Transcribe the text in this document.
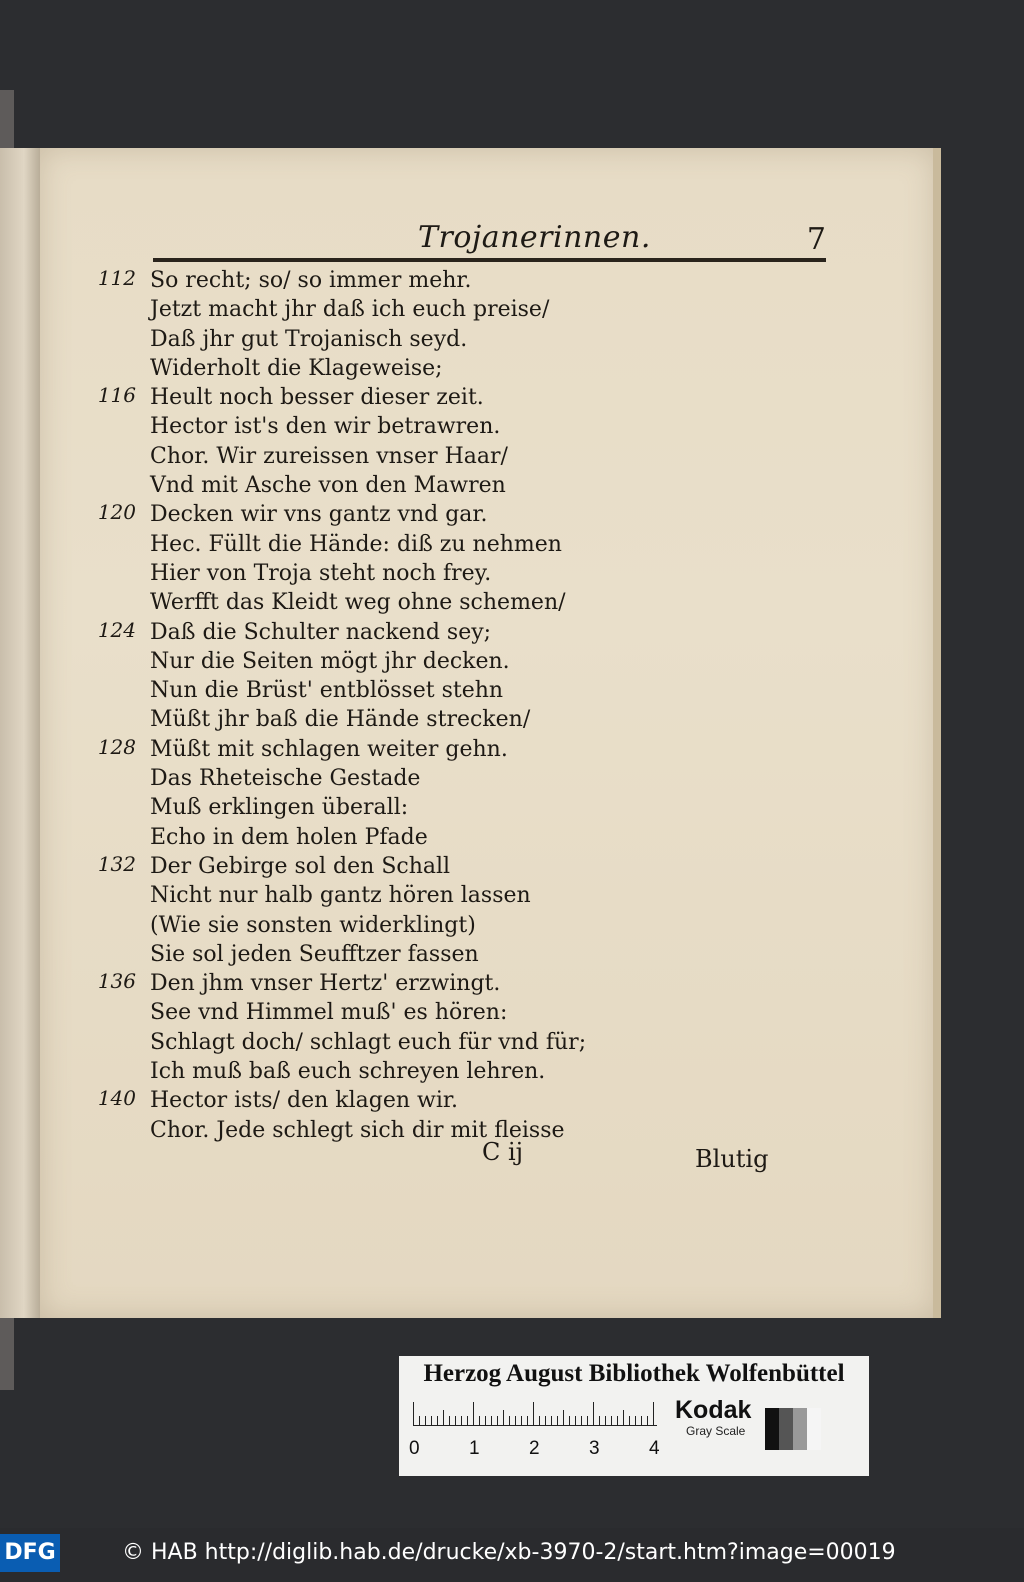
Trojanerinnen.	7
112 So recht; so/ so immer mehr.
Jetzt macht jhr daß ich euch preise/
Daß jhr gut Trojanisch seyd.
Widerholt die Klageweise;
116 Heult noch besser dieser zeit.
Hector ist's den wir betrawren.
Chor. Wir zureissen vnser Haar/
Vnd mit Asche von den Mawren
120 Decken wir vns gantz vnd gar.
Hec. Füllt die Hände: diß zu nehmen
Hier von Troja steht noch frey.
Werfft das Kleidt weg ohne schemen/
124 Daß die Schulter nackend sey;
Nur die Seiten mögt jhr decken.
Nun die Brüst' entblösset stehn
Müßt jhr baß die Hände strecken/
128 Müßt mit schlagen weiter gehn.
Das Rheteische Gestade
Muß erklingen überall:
Echo in dem holen Pfade
132 Der Gebirge sol den Schall
Nicht nur halb gantz hören lassen
(Wie sie sonsten widerklingt)
Sie sol jeden Seufftzer fassen
136 Den jhm vnser Hertz' erzwingt.
See vnd Himmel muß' es hören:
Schlagt doch/ schlagt euch für vnd für;
Ich muß baß euch schreyen lehren.
140 Hector ists/ den klagen wir.
Chor. Jede schlegt sich dir mit fleisse
C ij	Blutig
Herzog August Bibliothek Wolfenbüttel
0	1	2	3	4
Kodak
Gray Scale
DFG	© HAB http://diglib.hab.de/drucke/xb-3970-2/start.htm?image=00019
